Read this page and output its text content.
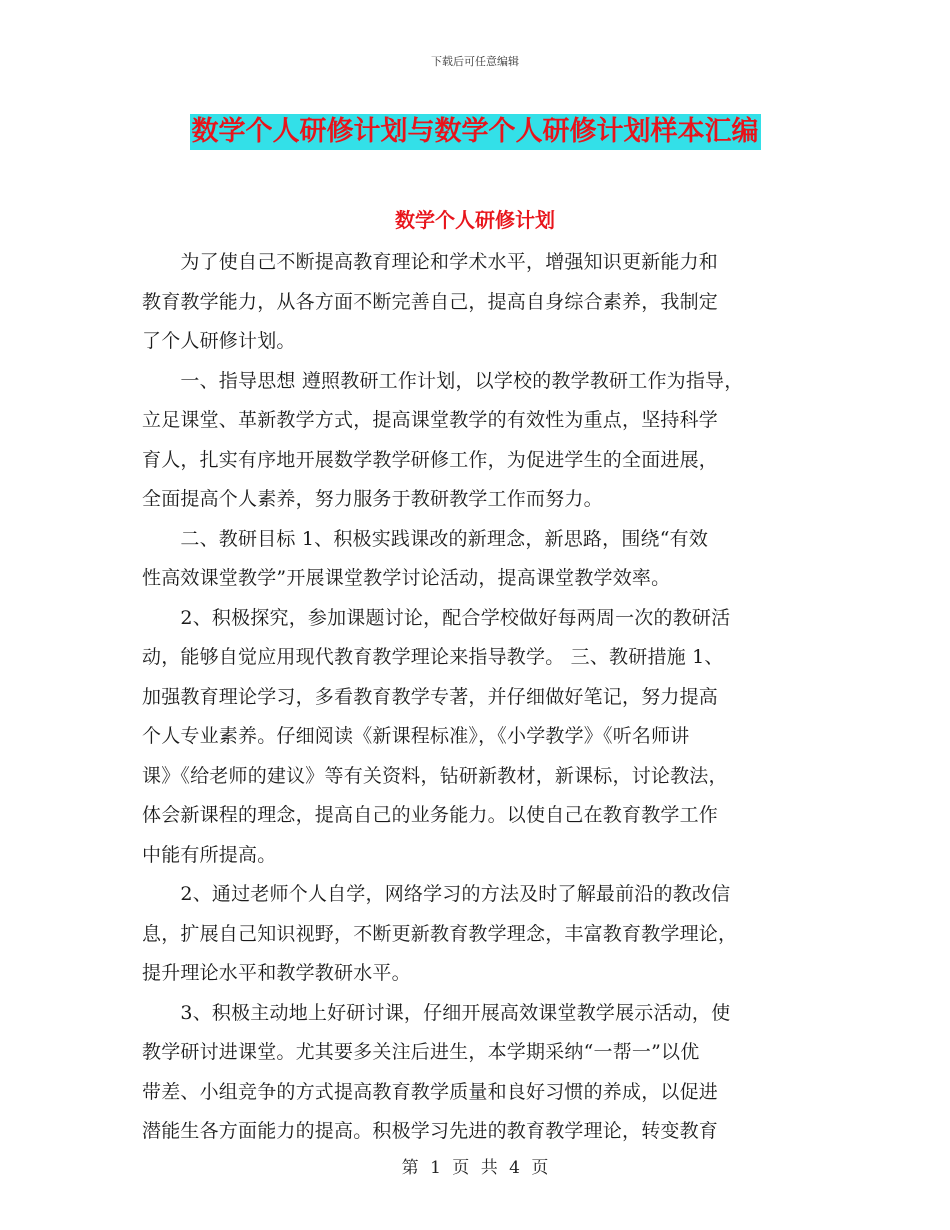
下载后可任意编辑
数学个人研修计划与数学个人研修计划样本汇编
数学个人研修计划
　　为了使自己不断提高教育理论和学术水平，增强知识更新能力和
教育教学能力，从各方面不断完善自己，提高自身综合素养，我制定
了个人研修计划。
　　一、指导思想 遵照教研工作计划，以学校的教学教研工作为指导，
立足课堂、革新教学方式，提高课堂教学的有效性为重点，坚持科学
育人，扎实有序地开展数学教学研修工作，为促进学生的全面进展，
全面提高个人素养，努力服务于教研教学工作而努力。
　　二、教研目标 1、积极实践课改的新理念，新思路，围绕“有效
性高效课堂教学”开展课堂教学讨论活动，提高课堂教学效率。
　　2、积极探究，参加课题讨论，配合学校做好每两周一次的教研活
动，能够自觉应用现代教育教学理论来指导教学。 三、教研措施 1、
加强教育理论学习，多看教育教学专著，并仔细做好笔记，努力提高
个人专业素养。仔细阅读《新课程标准》，《小学教学》《听名师讲
课》《给老师的建议》等有关资料，钻研新教材，新课标，讨论教法，
体会新课程的理念，提高自己的业务能力。以使自己在教育教学工作
中能有所提高。
　　2、通过老师个人自学，网络学习的方法及时了解最前沿的教改信
息，扩展自己知识视野，不断更新教育教学理念，丰富教育教学理论，
提升理论水平和教学教研水平。
　　3、积极主动地上好研讨课，仔细开展高效课堂教学展示活动，使
教学研讨进课堂。尤其要多关注后进生，本学期采纳“一帮一”以优
带差、小组竞争的方式提高教育教学质量和良好习惯的养成，以促进
潜能生各方面能力的提高。积极学习先进的教育教学理论，转变教育
第 1 页 共 4 页
